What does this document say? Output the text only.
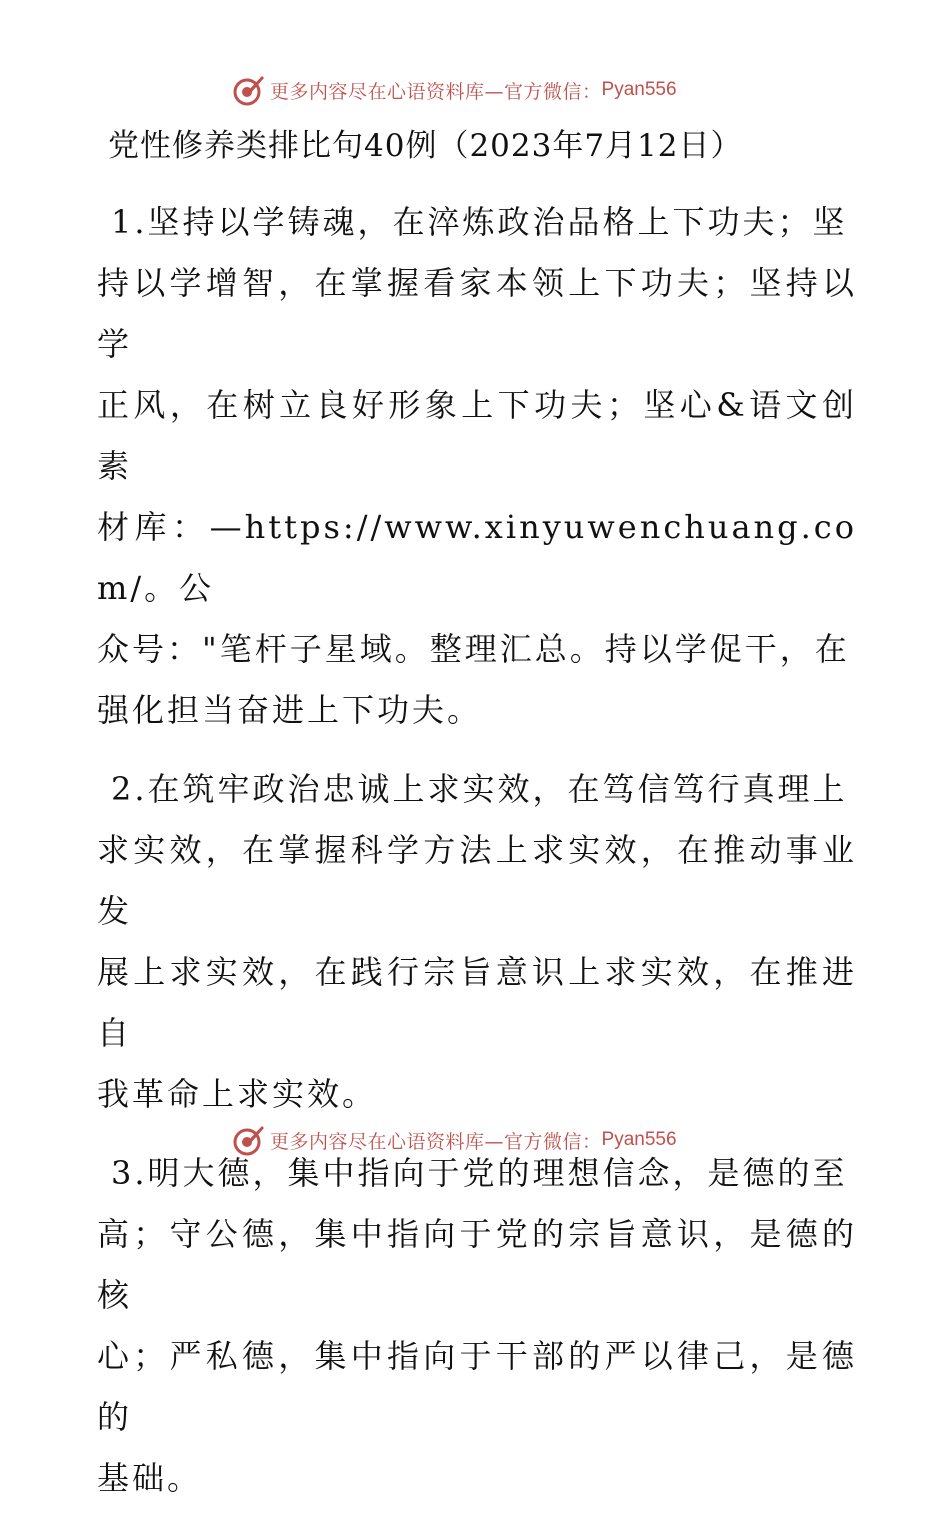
更多内容尽在心语资料库—官方微信： Pyan556
党性修养类排比句40例（2023年7月12日）

1.坚持以学铸魂，在淬炼政治品格上下功夫；坚
持以学增智，在掌握看家本领上下功夫；坚持以学
正风，在树立良好形象上下功夫；坚心&语文创素
材库：—https://www.xinyuwenchuang.com/。公
众号："笔杆子星域。整理汇总。持以学促干，在
强化担当奋进上下功夫。

2.在筑牢政治忠诚上求实效，在笃信笃行真理上
求实效，在掌握科学方法上求实效，在推动事业发
展上求实效，在践行宗旨意识上求实效，在推进自
我革命上求实效。

3.明大德，集中指向于党的理想信念，是德的至
高；守公德，集中指向于党的宗旨意识，是德的核
心；严私德，集中指向于干部的严以律己，是德的
基础。

更多内容尽在心语资料库—官方微信： Pyan556
